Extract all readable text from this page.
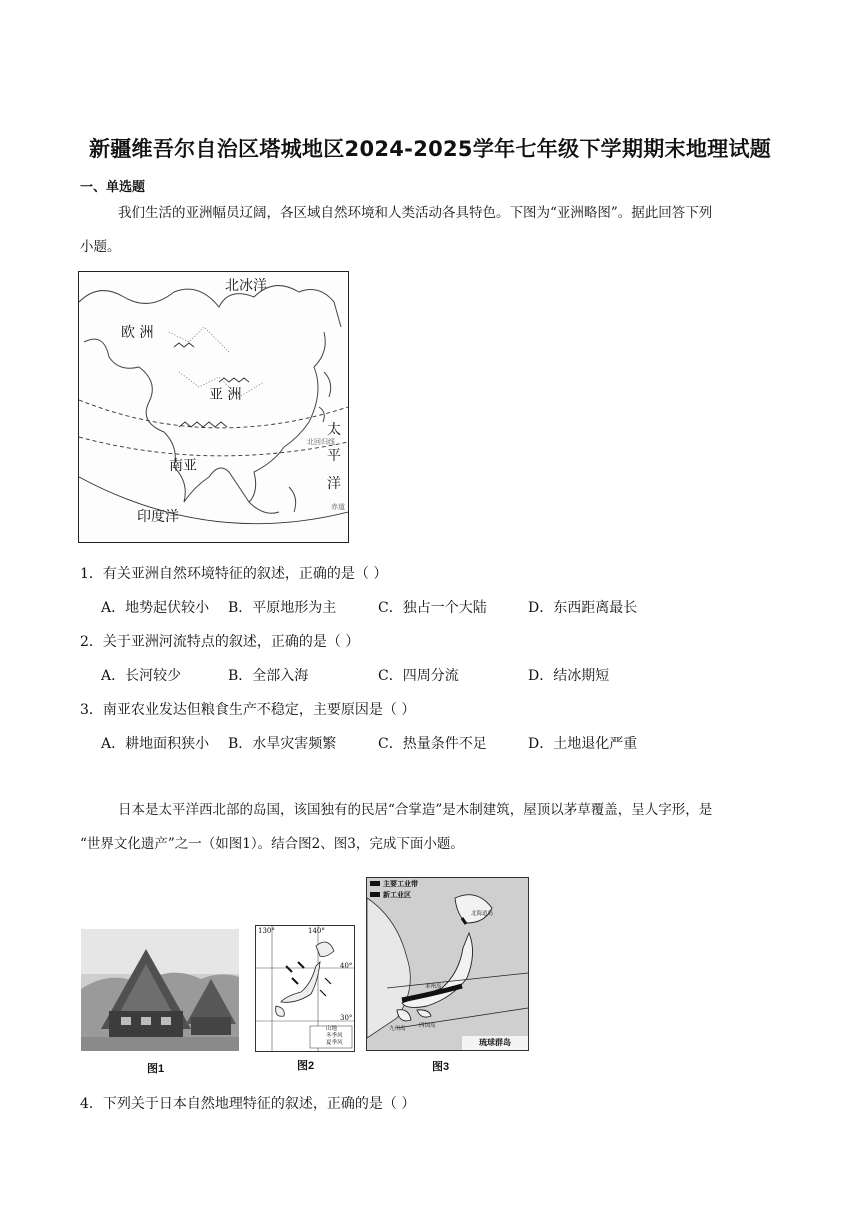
新疆维吾尔自治区塔城地区2024-2025学年七年级下学期期末地理试题
一、单选题
我们生活的亚洲幅员辽阔，各区域自然环境和人类活动各具特色。下图为“亚洲略图”。据此回答下列
小题。
北冰洋
欧 洲
亚 洲
太
平
洋
南亚
印度洋
北回归线
赤道
1．有关亚洲自然环境特征的叙述，正确的是（ ）
A．地势起伏较小 B．平原地形为主	C．独占一个大陆	D．东西距离最长
2．关于亚洲河流特点的叙述，正确的是（ ）
A．长河较少	B．全部入海	C．四周分流	D．结冰期短
3．南亚农业发达但粮食生产不稳定，主要原因是（ ）
A．耕地面积狭小 B．水旱灾害频繁	C．热量条件不足	D．土地退化严重
日本是太平洋西北部的岛国，该国独有的民居“合掌造”是木制建筑，屋顶以茅草覆盖，呈人字形，是
“世界文化遗产”之一（如图1）。结合图2、图3，完成下面小题。
图1
130°	140°
40°
30°
山地
冬季风
夏季风
图2
主要工业带
新工业区
北海道岛
本州岛
四国岛
九州岛
琉球群岛
图3
4．下列关于日本自然地理特征的叙述，正确的是（ ）
